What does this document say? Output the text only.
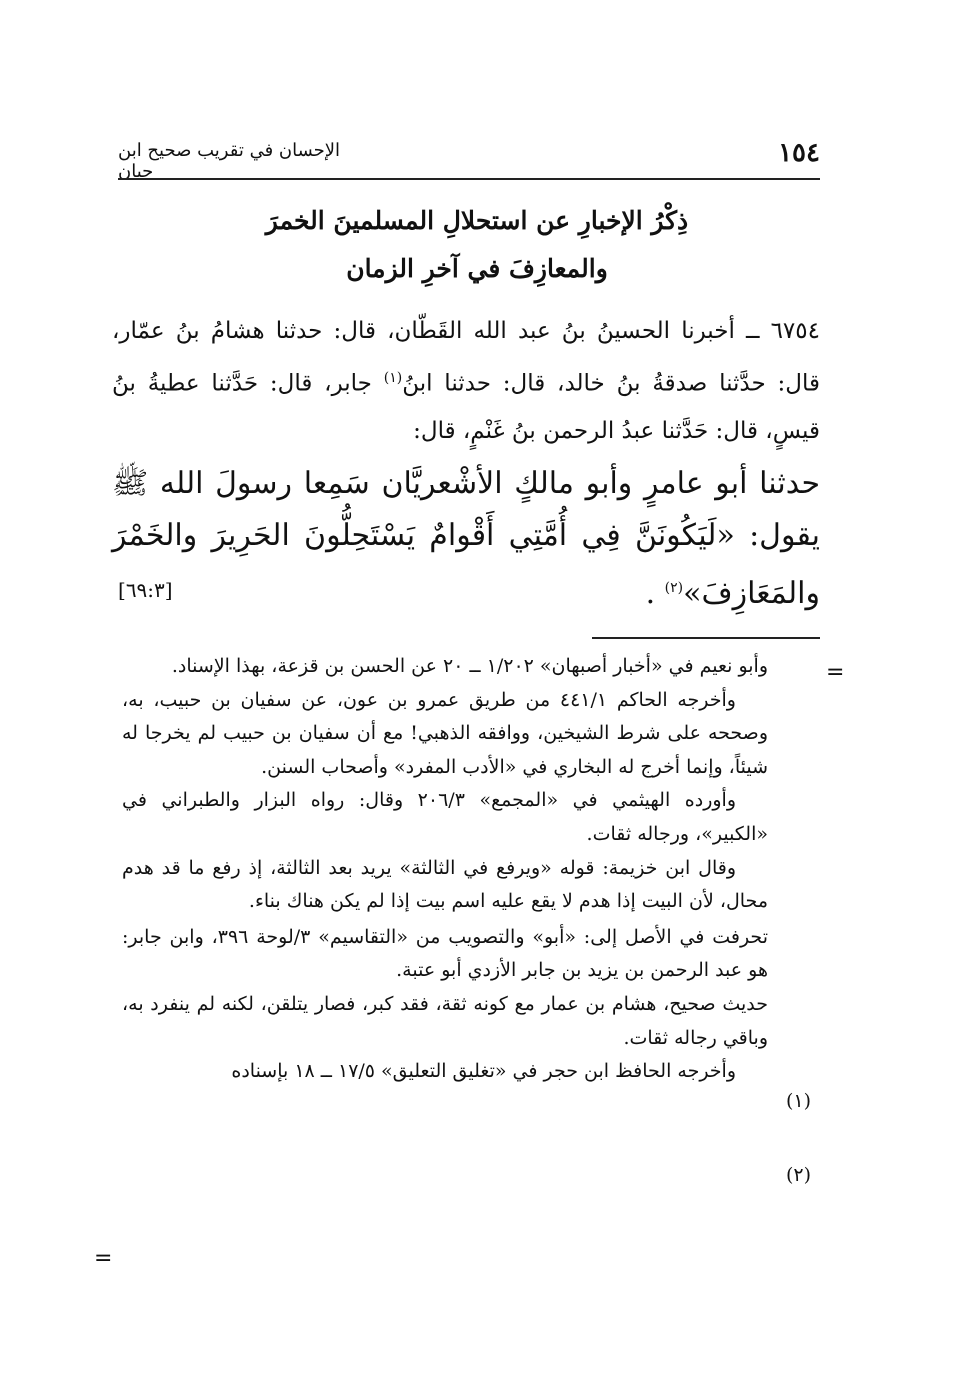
١٥٤
الإحسان في تقريب صحيح ابن حبان
ذِكْرُ الإخبارِ عن استحلالِ المسلمينَ الخمرَ
والمعازِفَ في آخرِ الزمان

٦٧٥٤ ــ أخبرنا الحسينُ بنُ عبد الله القَطّان، قال: حدثنا هشامُ بنُ عمّار، قال: حدَّثنا صدقةُ بنُ خالد، قال: حدثنا ابنُ$^{(١)}$ جابر، قال: حَدَّثنا عطيةُ بنُ قيسٍ، قال: حَدَّثنا عبدُ الرحمن بنُ غَنْمٍ، قال:

حدثنا أبو عامرٍ وأبو مالكٍ الأشْعريَّان سَمِعا رسولَ الله ﷺ يقول: «لَيَكُونَنَّ فِي أُمَّتِي أَقْوامٌ يَسْتَحِلُّونَ الحَرِيرَ والخَمْرَ والمَعَازِفَ»$^{(٢)}$ .

[٦٩:٣]
=

وأبو نعيم في «أخبار أصبهان» ١/٢٠٢ ــ ٢٠ عن الحسن بن قزعة، بهذا الإسناد.

وأخرجه الحاكم ٤٤١/١ من طريق عمرو بن عون، عن سفيان بن حبيب، به، وصححه على شرط الشيخين، ووافقه الذهبي! مع أن سفيان بن حبيب لم يخرجا له شيئاً، وإنما أخرج له البخاري في «الأدب المفرد» وأصحاب السنن.

وأورده الهيثمي في «المجمع» ٢٠٦/٣ وقال: رواه البزار والطبراني في «الكبير»، ورجاله ثقات.

وقال ابن خزيمة: قوله «ويرفع في الثالثة» يريد بعد الثالثة، إذ رفع ما قد هدم محال، لأن البيت إذا هدم لا يقع عليه اسم بيت إذا لم يكن هناك بناء.

تحرفت في الأصل إلى: «أبو» والتصويب من «التقاسيم» ٣/لوحة ٣٩٦، وابن جابر: هو عبد الرحمن بن يزيد بن جابر الأزدي أبو عتبة.

حديث صحيح، هشام بن عمار مع كونه ثقة، فقد كبر، فصار يتلقن، لكنه لم ينفرد به، وباقي رجاله ثقات.

وأخرجه الحافظ ابن حجر في «تغليق التعليق» ١٧/٥ ــ ١٨ بإسناده

(١)
(٢)
=
